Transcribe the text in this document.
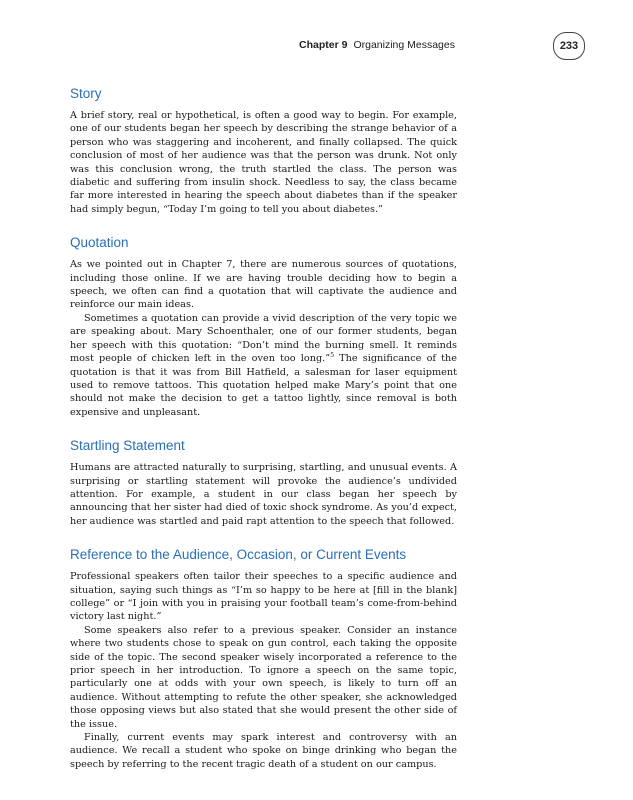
Chapter 9 Organizing Messages	233
Story

A brief story, real or hypothetical, is often a good way to begin. For example, one of our students began her speech by describing the strange behavior of a person who was staggering and incoherent, and finally collapsed. The quick conclusion of most of her audience was that the person was drunk. Not only was this conclusion wrong, the truth startled the class. The person was diabetic and suffering from insulin shock. Needless to say, the class became far more interested in hearing the speech about diabetes than if the speaker had simply begun, “Today I’m going to tell you about diabetes.”

Quotation

As we pointed out in Chapter 7, there are numerous sources of quotations, including those online. If we are having trouble deciding how to begin a speech, we often can find a quotation that will captivate the audience and reinforce our main ideas.

Sometimes a quotation can provide a vivid description of the very topic we are speaking about. Mary Schoenthaler, one of our former students, began her speech with this quotation: “Don’t mind the burning smell. It reminds most people of chicken left in the oven too long.”$^5$ The significance of the quotation is that it was from Bill Hatfield, a salesman for laser equipment used to remove tattoos. This quotation helped make Mary’s point that one should not make the decision to get a tattoo lightly, since removal is both expensive and unpleasant.

Startling Statement

Humans are attracted naturally to surprising, startling, and unusual events. A surprising or startling statement will provoke the audience’s undivided attention. For example, a student in our class began her speech by announcing that her sister had died of toxic shock syndrome. As you’d expect, her audience was startled and paid rapt attention to the speech that followed.

Reference to the Audience, Occasion, or Current Events

Professional speakers often tailor their speeches to a specific audience and situation, saying such things as “I’m so happy to be here at [fill in the blank] college” or “I join with you in praising your football team’s come-from-behind victory last night.”

Some speakers also refer to a previous speaker. Consider an instance where two students chose to speak on gun control, each taking the opposite side of the topic. The second speaker wisely incorporated a reference to the prior speech in her introduction. To ignore a speech on the same topic, particularly one at odds with your own speech, is likely to turn off an audience. Without attempting to refute the other speaker, she acknowledged those opposing views but also stated that she would present the other side of the issue.

Finally, current events may spark interest and controversy with an audience. We recall a student who spoke on binge drinking who began the speech by referring to the recent tragic death of a student on our campus.
